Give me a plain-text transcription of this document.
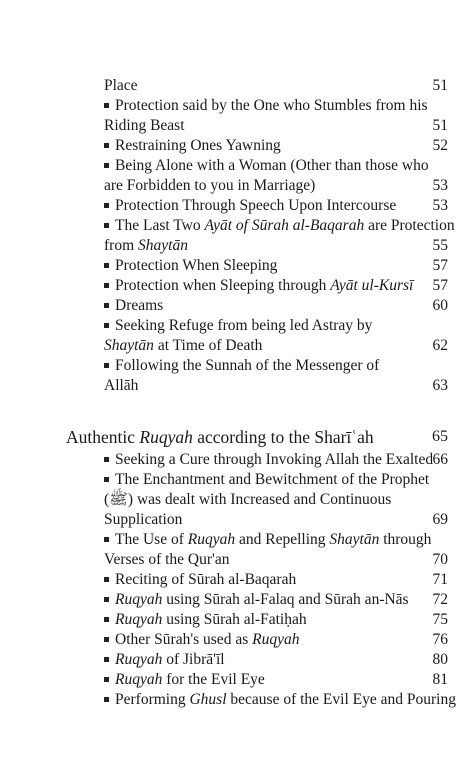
Place	51
Protection said by the One who Stumbles from his
Riding Beast	51
Restraining Ones Yawning	52
Being Alone with a Woman (Other than those who
are Forbidden to you in Marriage)	53
Protection Through Speech Upon Intercourse 53
The Last Two Ayāt of Sūrah al-Baqarah are Protection
from Shaytān	55
Protection When Sleeping	57
Protection when Sleeping through Ayāt ul-Kursī 57
Dreams	60
Seeking Refuge from being led Astray by
Shaytān at Time of Death	62
Following the Sunnah of the Messenger of
Allāh	63
Authentic Ruqyah according to the Sharīʿah	65
Seeking a Cure through Invoking Allah the Exalted 66
The Enchantment and Bewitchment of the Prophet
(ﷺ) was dealt with Increased and Continuous
Supplication	69
The Use of Ruqyah and Repelling Shaytān through
Verses of the Qur'an	70
Reciting of Sūrah al-Baqarah	71
Ruqyah using Sūrah al-Falaq and Sūrah an-Nās 72
Ruqyah using Sūrah al-Fatiḥah	75
Other Sūrah's used as Ruqyah	76
Ruqyah of Jibrā'īl	80
Ruqyah for the Evil Eye	81
Performing Ghusl because of the Evil Eye and Pouring
